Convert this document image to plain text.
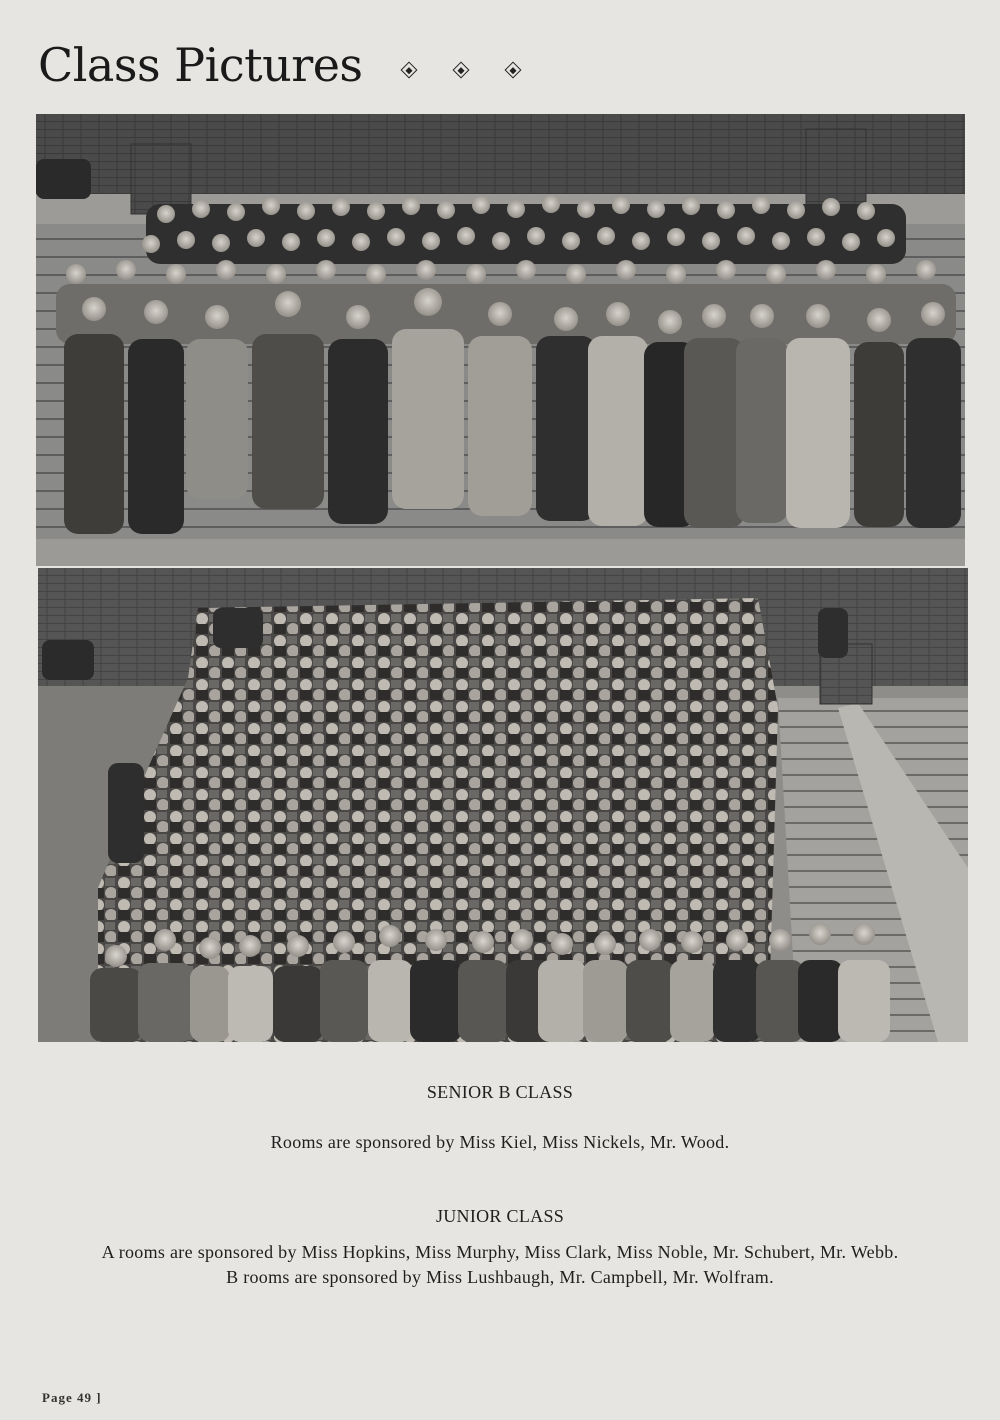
Class Pictures
SENIOR B CLASS
Rooms are sponsored by Miss Kiel, Miss Nickels, Mr. Wood.
JUNIOR CLASS
A rooms are sponsored by Miss Hopkins, Miss Murphy, Miss Clark, Miss Noble, Mr. Schubert, Mr. Webb.
B rooms are sponsored by Miss Lushbaugh, Mr. Campbell, Mr. Wolfram.
Page 49 ]
